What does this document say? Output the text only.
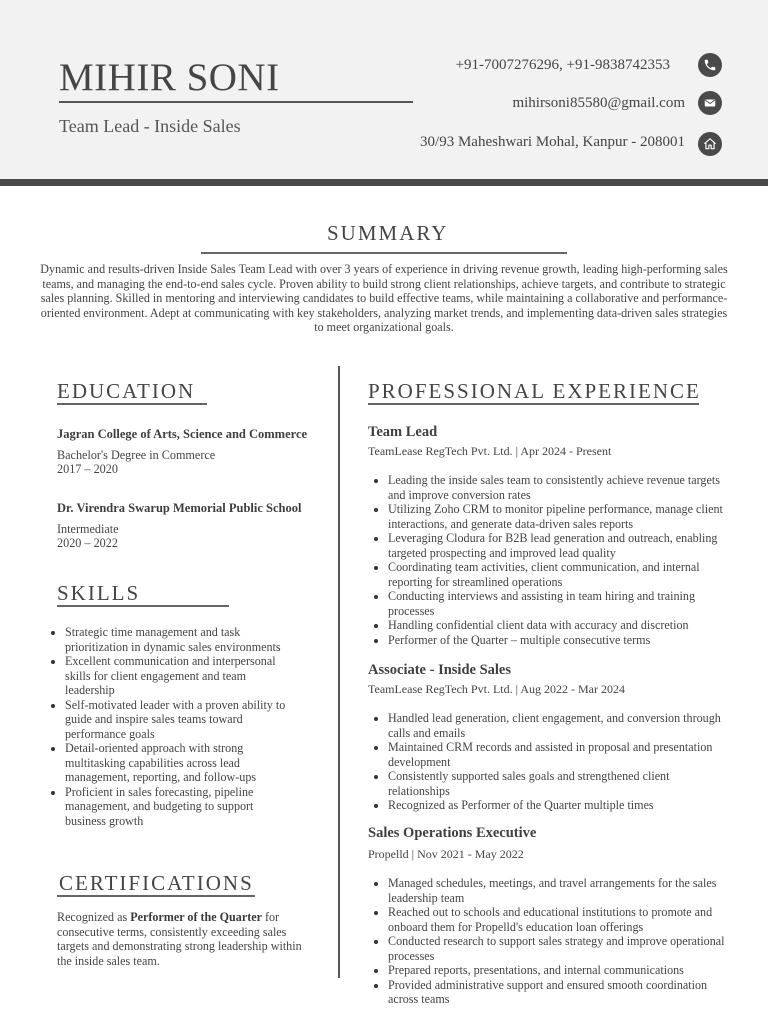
MIHIR SONI
Team Lead - Inside Sales
+91-7007276296, +91-9838742353
mihirsoni85580@gmail.com
30/93 Maheshwari Mohal, Kanpur - 208001
SUMMARY
Dynamic and results-driven Inside Sales Team Lead with over 3 years of experience in driving revenue growth, leading high-performing sales teams, and managing the end-to-end sales cycle. Proven ability to build strong client relationships, achieve targets, and contribute to strategic sales planning. Skilled in mentoring and interviewing candidates to build effective teams, while maintaining a collaborative and performance-oriented environment. Adept at communicating with key stakeholders, analyzing market trends, and implementing data-driven sales strategies to meet organizational goals.
EDUCATION
Jagran College of Arts, Science and Commerce
Bachelor's Degree in Commerce
2017 – 2020
Dr. Virendra Swarup Memorial Public School
Intermediate
2020 – 2022
SKILLS
Strategic time management and task prioritization in dynamic sales environments
Excellent communication and interpersonal skills for client engagement and team leadership
Self-motivated leader with a proven ability to guide and inspire sales teams toward performance goals
Detail-oriented approach with strong multitasking capabilities across lead management, reporting, and follow-ups
Proficient in sales forecasting, pipeline management, and budgeting to support business growth
CERTIFICATIONS
Recognized as Performer of the Quarter for consecutive terms, consistently exceeding sales targets and demonstrating strong leadership within the inside sales team.
PROFESSIONAL EXPERIENCE
Team Lead
TeamLease RegTech Pvt. Ltd. | Apr 2024 - Present
Leading the inside sales team to consistently achieve revenue targets and improve conversion rates
Utilizing Zoho CRM to monitor pipeline performance, manage client interactions, and generate data-driven sales reports
Leveraging Clodura for B2B lead generation and outreach, enabling targeted prospecting and improved lead quality
Coordinating team activities, client communication, and internal reporting for streamlined operations
Conducting interviews and assisting in team hiring and training processes
Handling confidential client data with accuracy and discretion
Performer of the Quarter – multiple consecutive terms
Associate - Inside Sales
TeamLease RegTech Pvt. Ltd. | Aug 2022 - Mar 2024
Handled lead generation, client engagement, and conversion through calls and emails
Maintained CRM records and assisted in proposal and presentation development
Consistently supported sales goals and strengthened client relationships
Recognized as Performer of the Quarter multiple times
Sales Operations Executive
Propelld | Nov 2021 - May 2022
Managed schedules, meetings, and travel arrangements for the sales leadership team
Reached out to schools and educational institutions to promote and onboard them for Propelld's education loan offerings
Conducted research to support sales strategy and improve operational processes
Prepared reports, presentations, and internal communications
Provided administrative support and ensured smooth coordination across teams
